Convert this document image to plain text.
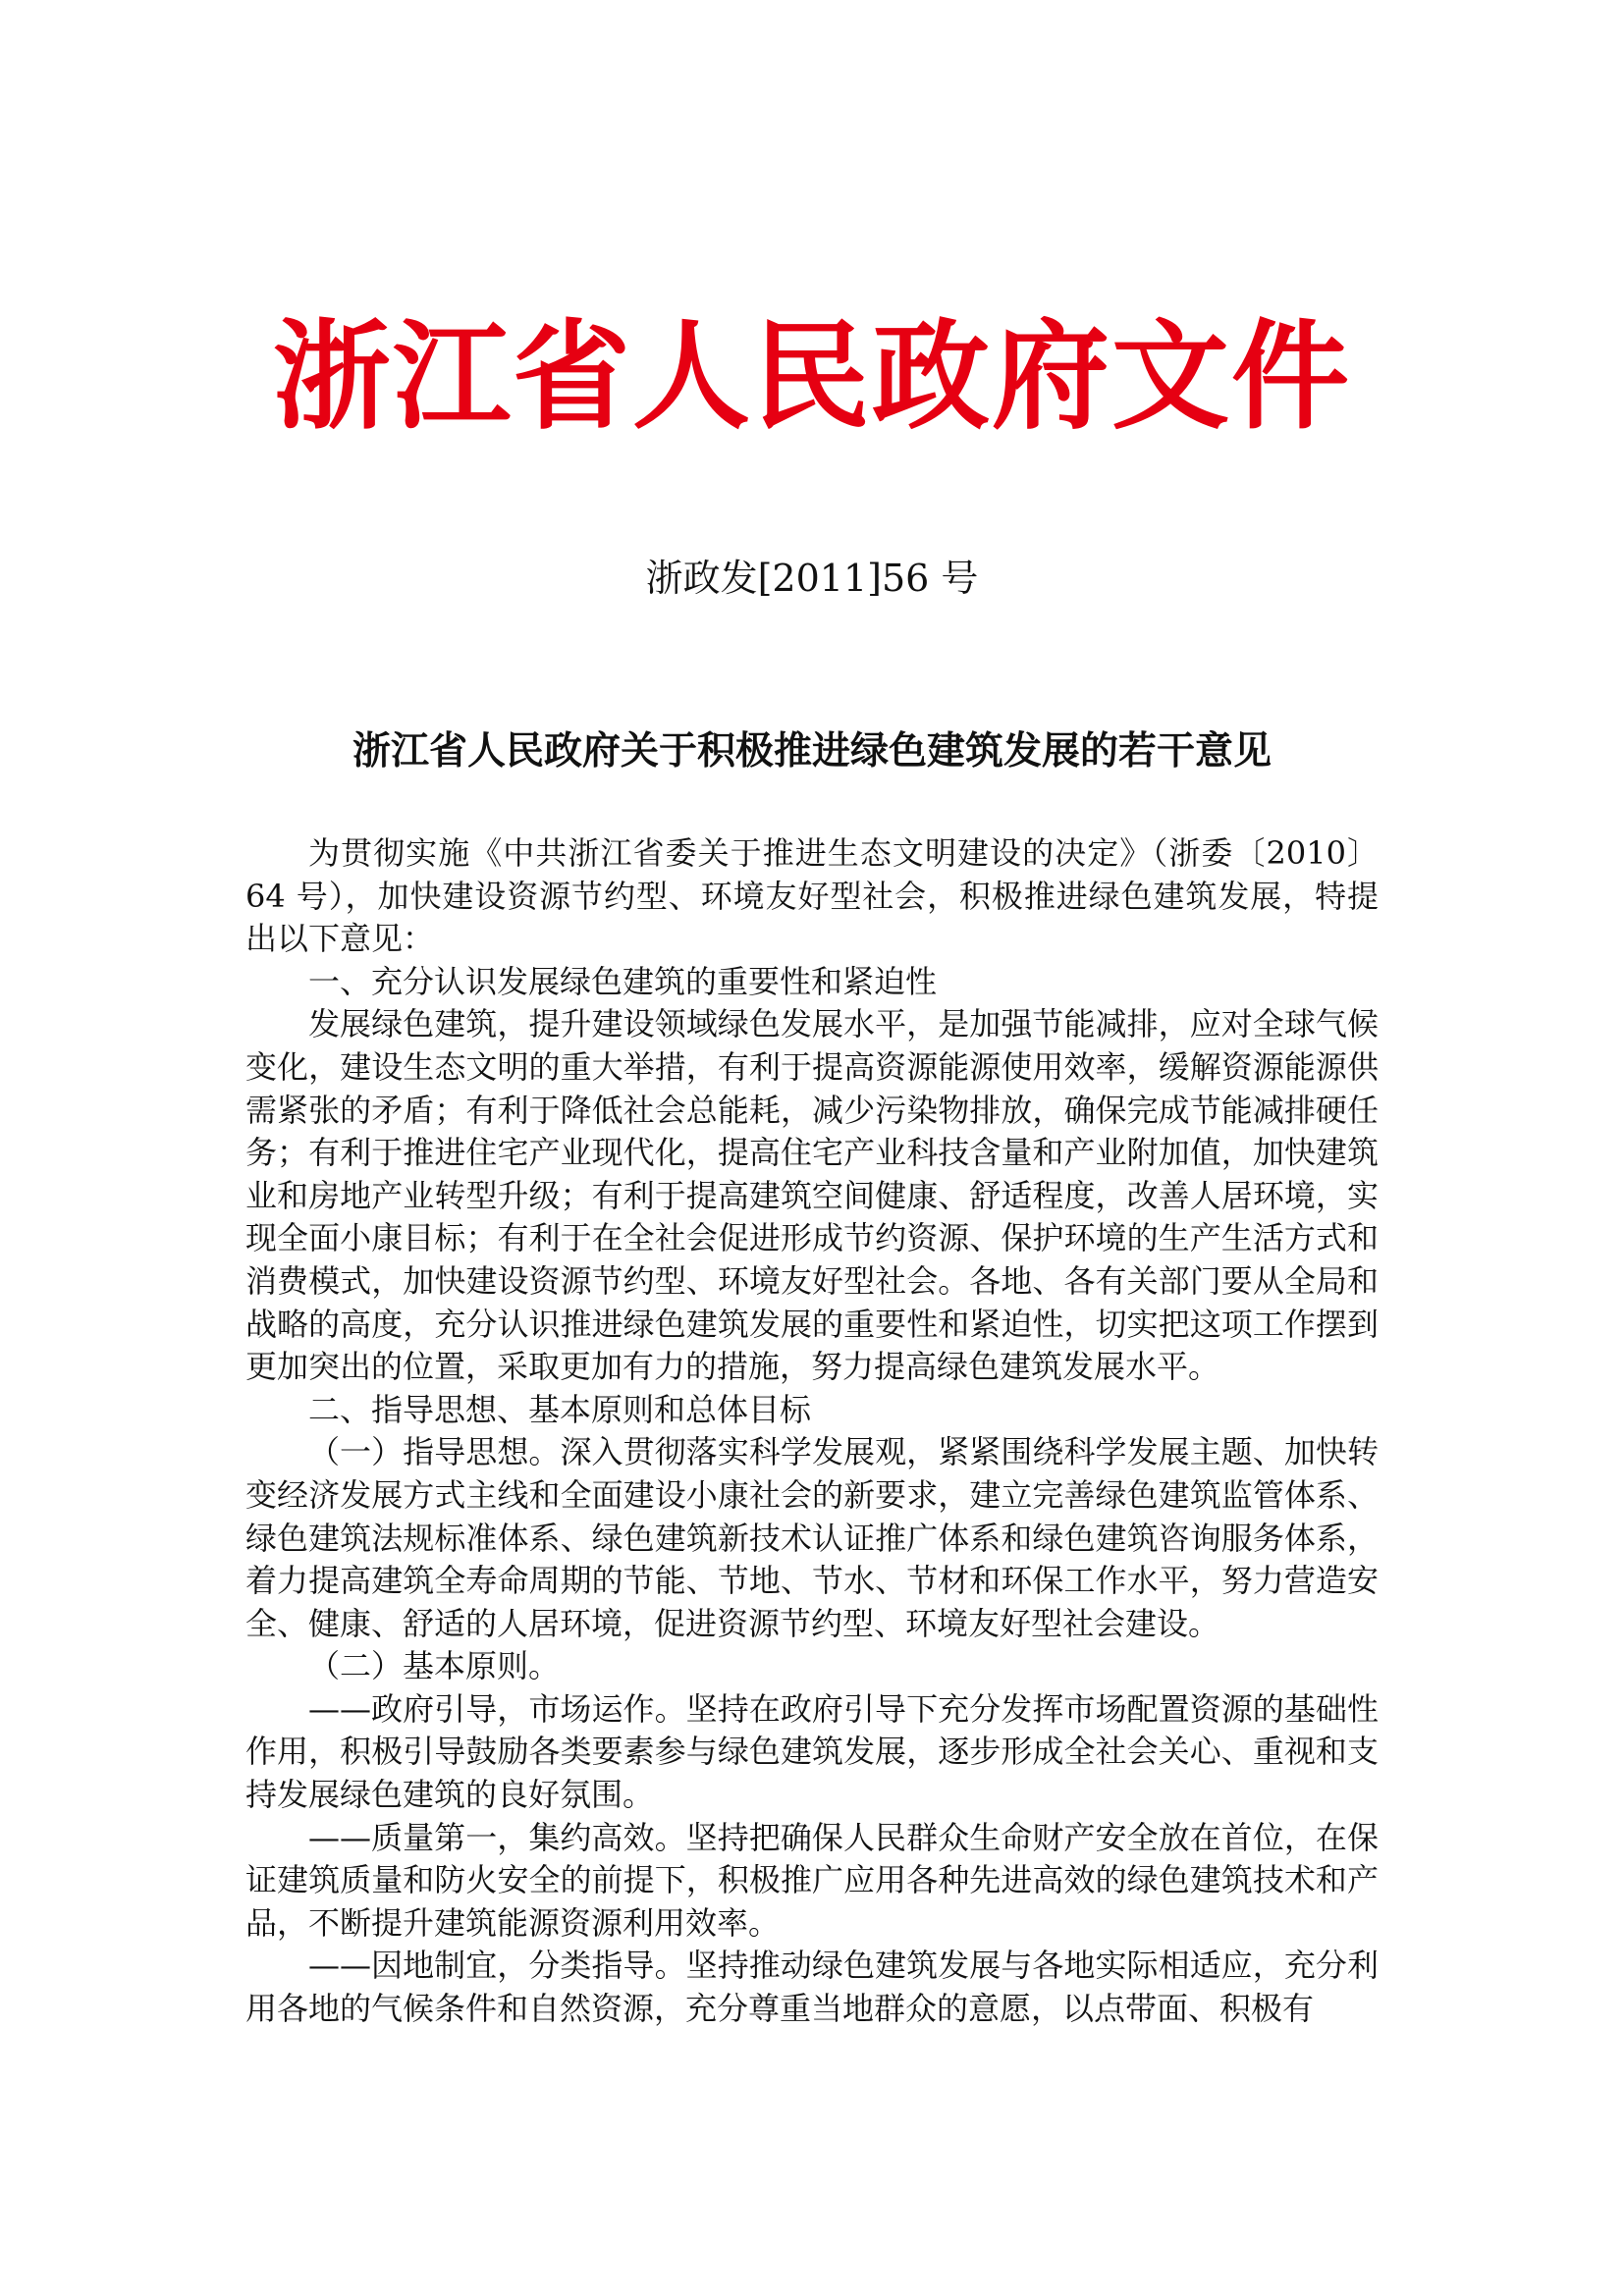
浙江省人民政府文件
浙政发[2011]56 号
浙江省人民政府关于积极推进绿色建筑发展的若干意见

为贯彻实施《中共浙江省委关于推进生态文明建设的决定》（浙委〔2010〕64 号），加快建设资源节约型、环境友好型社会，积极推进绿色建筑发展，特提出以下意见：

一、充分认识发展绿色建筑的重要性和紧迫性

发展绿色建筑，提升建设领域绿色发展水平，是加强节能减排，应对全球气候变化，建设生态文明的重大举措，有利于提高资源能源使用效率，缓解资源能源供需紧张的矛盾；有利于降低社会总能耗，减少污染物排放，确保完成节能减排硬任务；有利于推进住宅产业现代化，提高住宅产业科技含量和产业附加值，加快建筑业和房地产业转型升级；有利于提高建筑空间健康、舒适程度，改善人居环境，实现全面小康目标；有利于在全社会促进形成节约资源、保护环境的生产生活方式和消费模式，加快建设资源节约型、环境友好型社会。各地、各有关部门要从全局和战略的高度，充分认识推进绿色建筑发展的重要性和紧迫性，切实把这项工作摆到更加突出的位置，采取更加有力的措施，努力提高绿色建筑发展水平。

二、指导思想、基本原则和总体目标

（一）指导思想。深入贯彻落实科学发展观，紧紧围绕科学发展主题、加快转变经济发展方式主线和全面建设小康社会的新要求，建立完善绿色建筑监管体系、绿色建筑法规标准体系、绿色建筑新技术认证推广体系和绿色建筑咨询服务体系，着力提高建筑全寿命周期的节能、节地、节水、节材和环保工作水平，努力营造安全、健康、舒适的人居环境，促进资源节约型、环境友好型社会建设。

（二）基本原则。

——政府引导，市场运作。坚持在政府引导下充分发挥市场配置资源的基础性作用，积极引导鼓励各类要素参与绿色建筑发展，逐步形成全社会关心、重视和支持发展绿色建筑的良好氛围。

——质量第一，集约高效。坚持把确保人民群众生命财产安全放在首位，在保证建筑质量和防火安全的前提下，积极推广应用各种先进高效的绿色建筑技术和产品，不断提升建筑能源资源利用效率。

——因地制宜，分类指导。坚持推动绿色建筑发展与各地实际相适应，充分利用各地的气候条件和自然资源，充分尊重当地群众的意愿，以点带面、积极有
